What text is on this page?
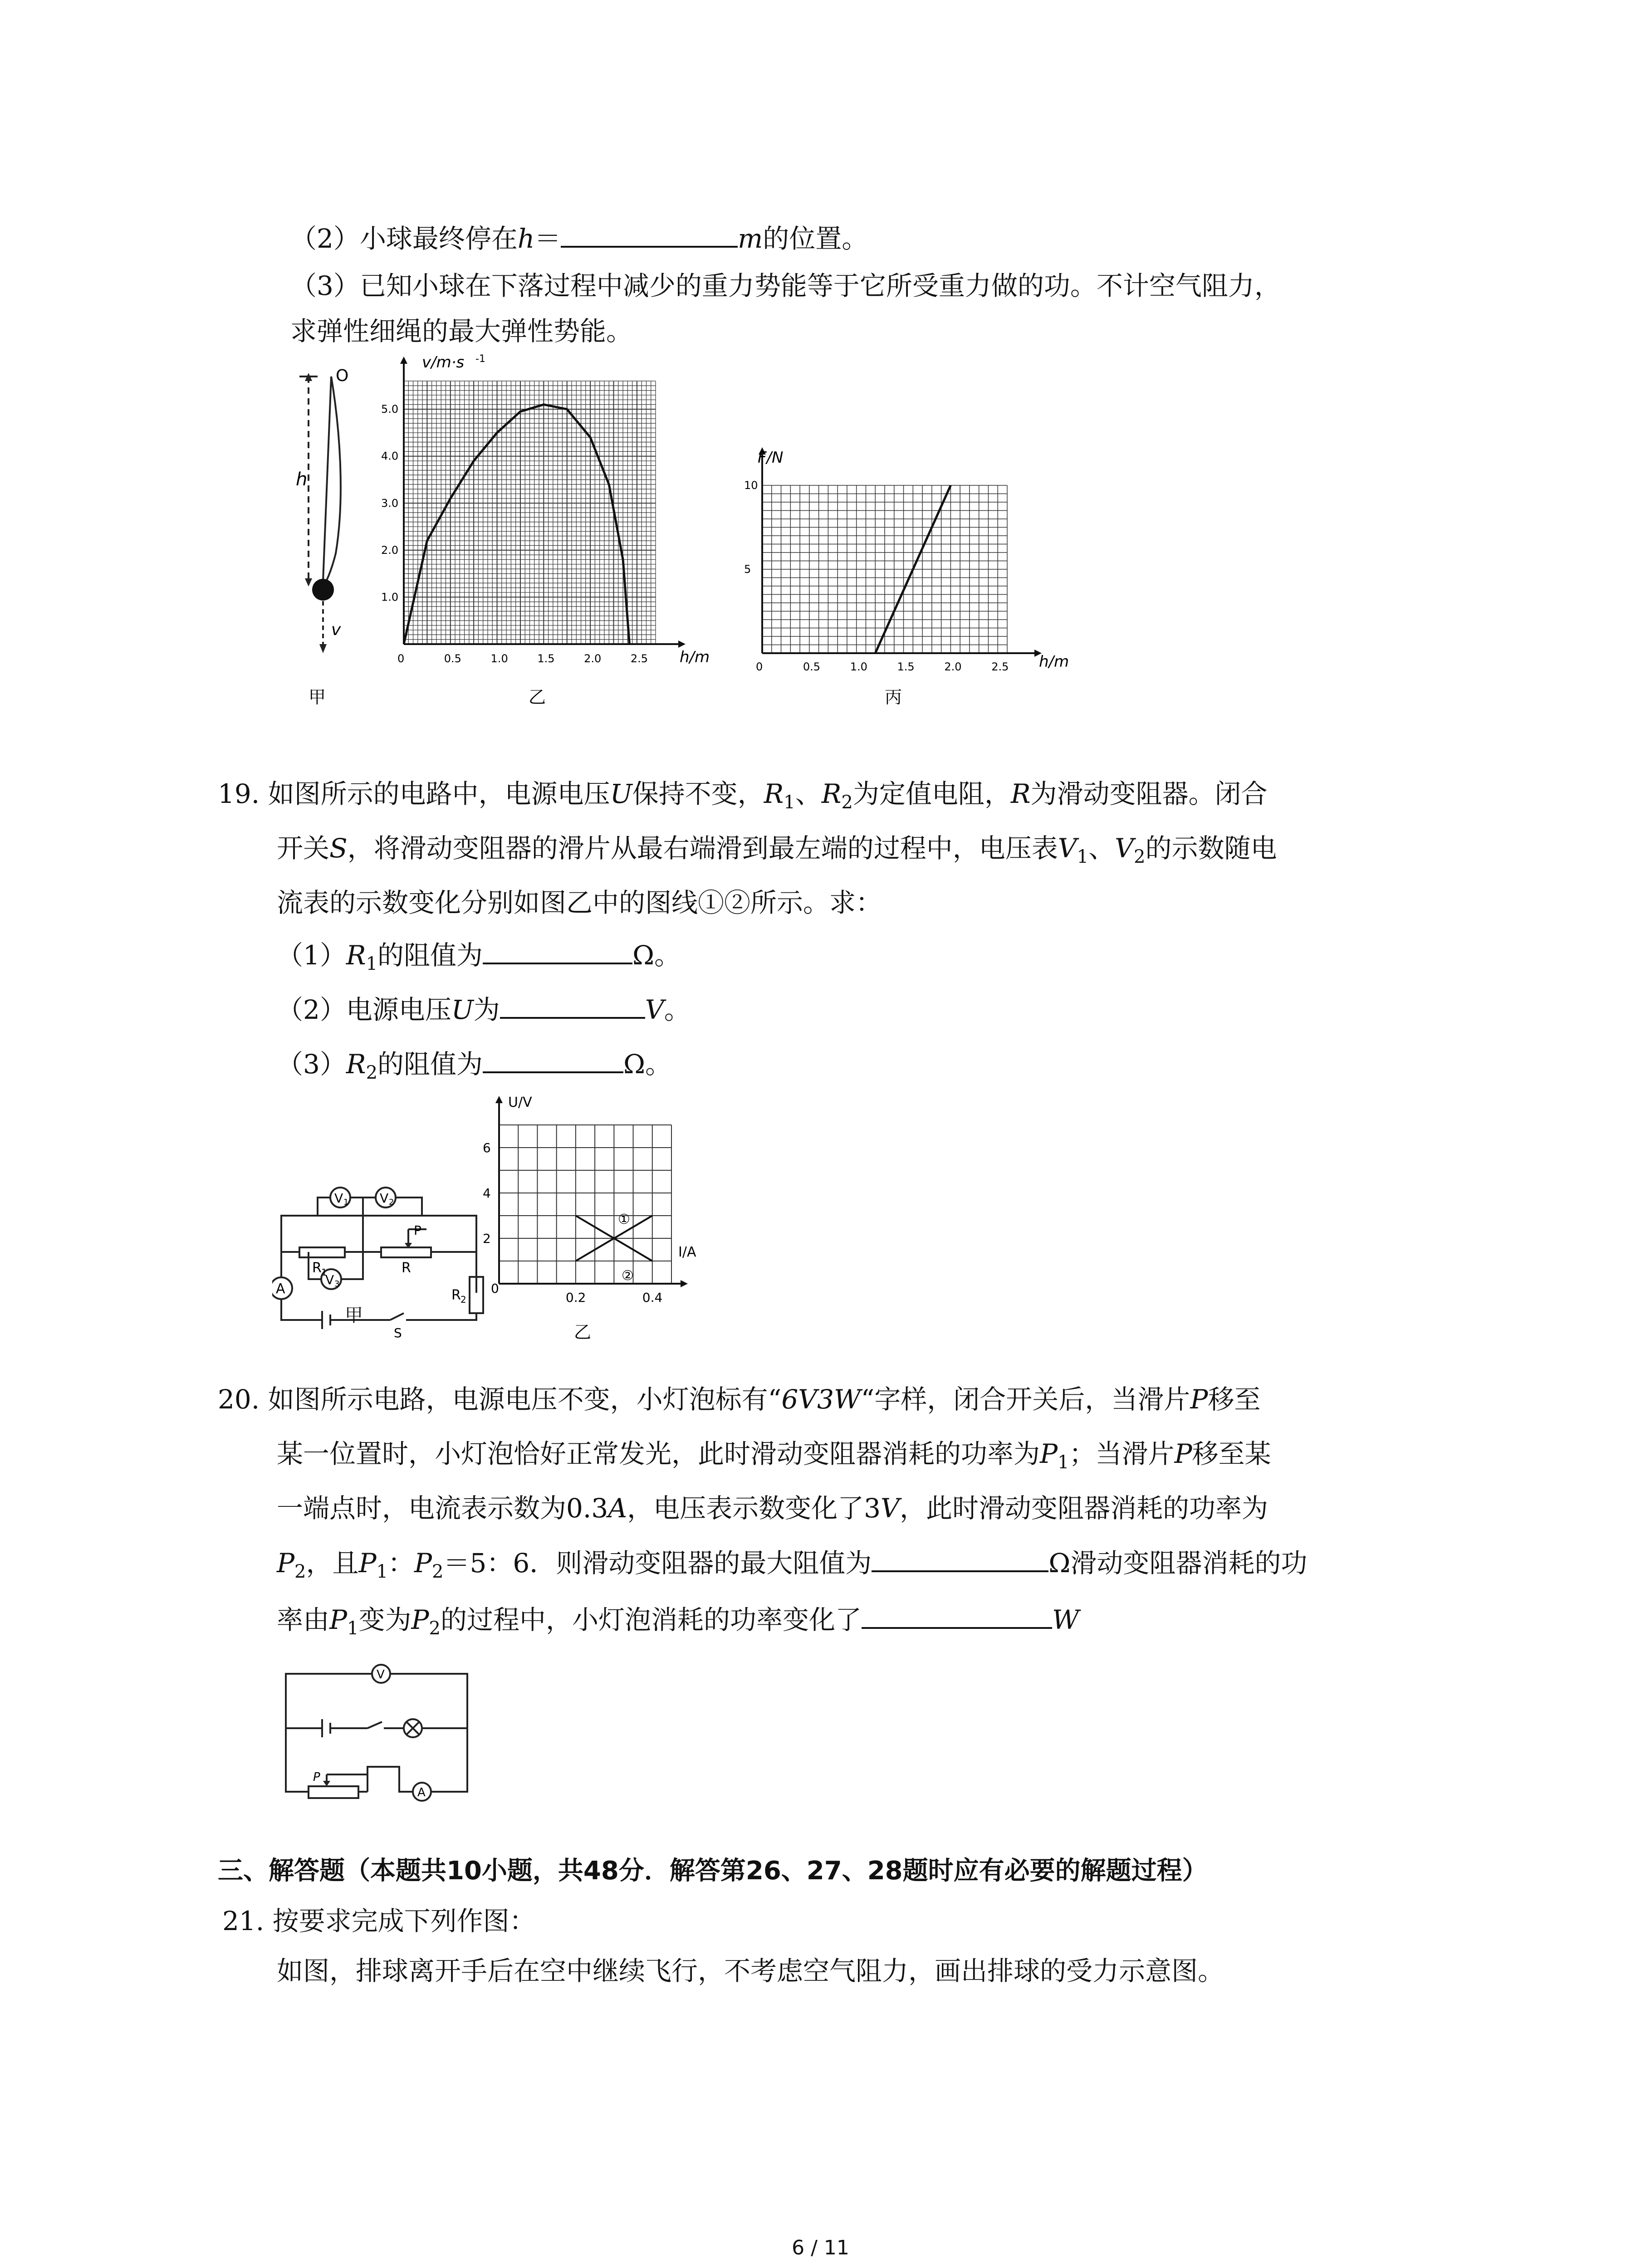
（2）小球最终停在h＝	m的位置。
（3）已知小球在下落过程中减少的重力势能等于它所受重力做的功。不计空气阻力，
求弹性细绳的最大弹性势能。
O
h
v
甲
v/m·s -1
h/m
0	0.5	1.0	1.5	2.0	2.5
1.0
2.0
3.0
4.0
5.0
乙
F/N
h/m
0	0.5	1.0	1.5	2.0	2.5
5
10
丙
19. 如图所示的电路中，电源电压U保持不变，$R_1$、$R_2$为定值电阻，R为滑动变阻器。闭合
开关S，将滑动变阻器的滑片从最右端滑到最左端的过程中，电压表$V_1$、$V_2$的示数随电
流表的示数变化分别如图乙中的图线①②所示。求：
$(1)R_1$的阻值为	Ω。
（2）电源电压U为	V。
$(3)R_2$的阻值为	Ω。
V 1 V 2
V 3
A
R 1	R
R 2
P
S
甲
U/V
I/A
①
②
0
0.2	0.4
2
4
6
乙
20. 如图所示电路，电源电压不变，小灯泡标有“6V3W“字样，闭合开关后，当滑片P移至
某一位置时，小灯泡恰好正常发光，此时滑动变阻器消耗的功率为$P_1$；当滑片P移至某
一端点时，电流表示数为0.3A，电压表示数变化了3V，此时滑动变阻器消耗的功率为
$P_2$，且$P_1$：$P_2=5$：6．则滑动变阻器的最大阻值为	Ω滑动变阻器消耗的功
率由$P_1$变为$P_2$的过程中，小灯泡消耗的功率变化了	W
V
A
P
三、解答题（本题共10小题，共48分．解答第26、27、28题时应有必要的解题过程）
21. 按要求完成下列作图：
如图，排球离开手后在空中继续飞行，不考虑空气阻力，画出排球的受力示意图。
6 / 11
